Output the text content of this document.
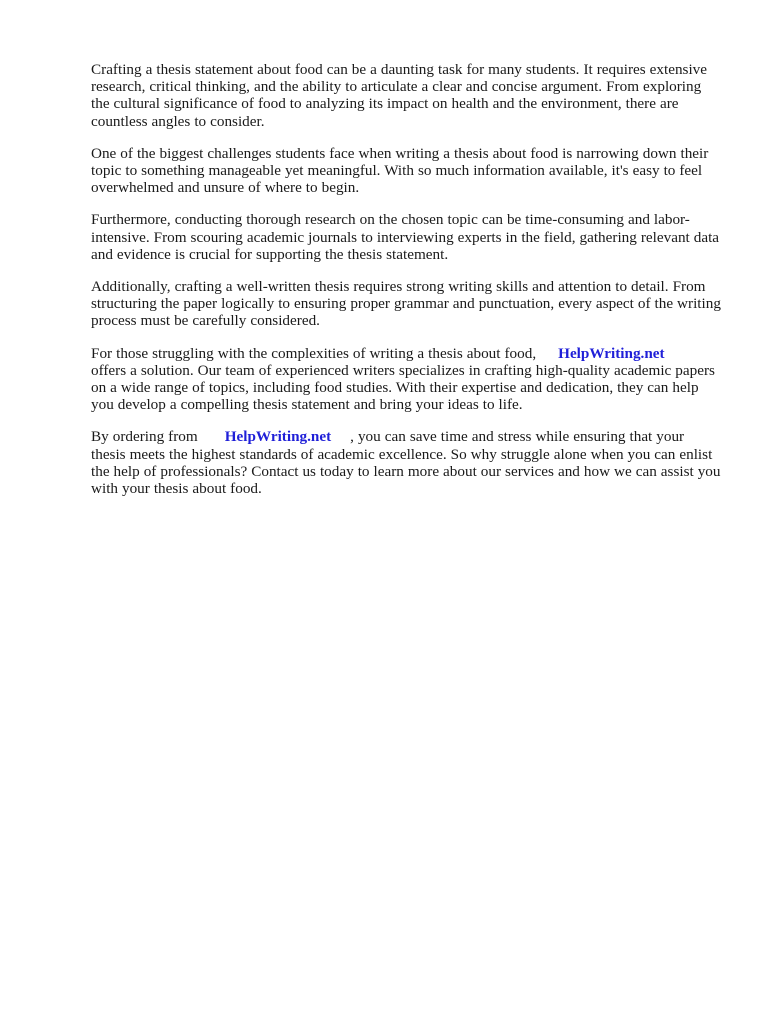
Crafting a thesis statement about food can be a daunting task for many students. It requires extensive research, critical thinking, and the ability to articulate a clear and concise argument. From exploring the cultural significance of food to analyzing its impact on health and the environment, there are countless angles to consider.

One of the biggest challenges students face when writing a thesis about food is narrowing down their topic to something manageable yet meaningful. With so much information available, it's easy to feel overwhelmed and unsure of where to begin.

Furthermore, conducting thorough research on the chosen topic can be time-consuming and labor-intensive. From scouring academic journals to interviewing experts in the field, gathering relevant data and evidence is crucial for supporting the thesis statement.

Additionally, crafting a well-written thesis requires strong writing skills and attention to detail. From structuring the paper logically to ensuring proper grammar and punctuation, every aspect of the writing process must be carefully considered.

For those struggling with the complexities of writing a thesis about food, HelpWriting.net offers a solution. Our team of experienced writers specializes in crafting high-quality academic papers on a wide range of topics, including food studies. With their expertise and dedication, they can help you develop a compelling thesis statement and bring your ideas to life.

By ordering from HelpWriting.net , you can save time and stress while ensuring that your thesis meets the highest standards of academic excellence. So why struggle alone when you can enlist the help of professionals? Contact us today to learn more about our services and how we can assist you with your thesis about food.
